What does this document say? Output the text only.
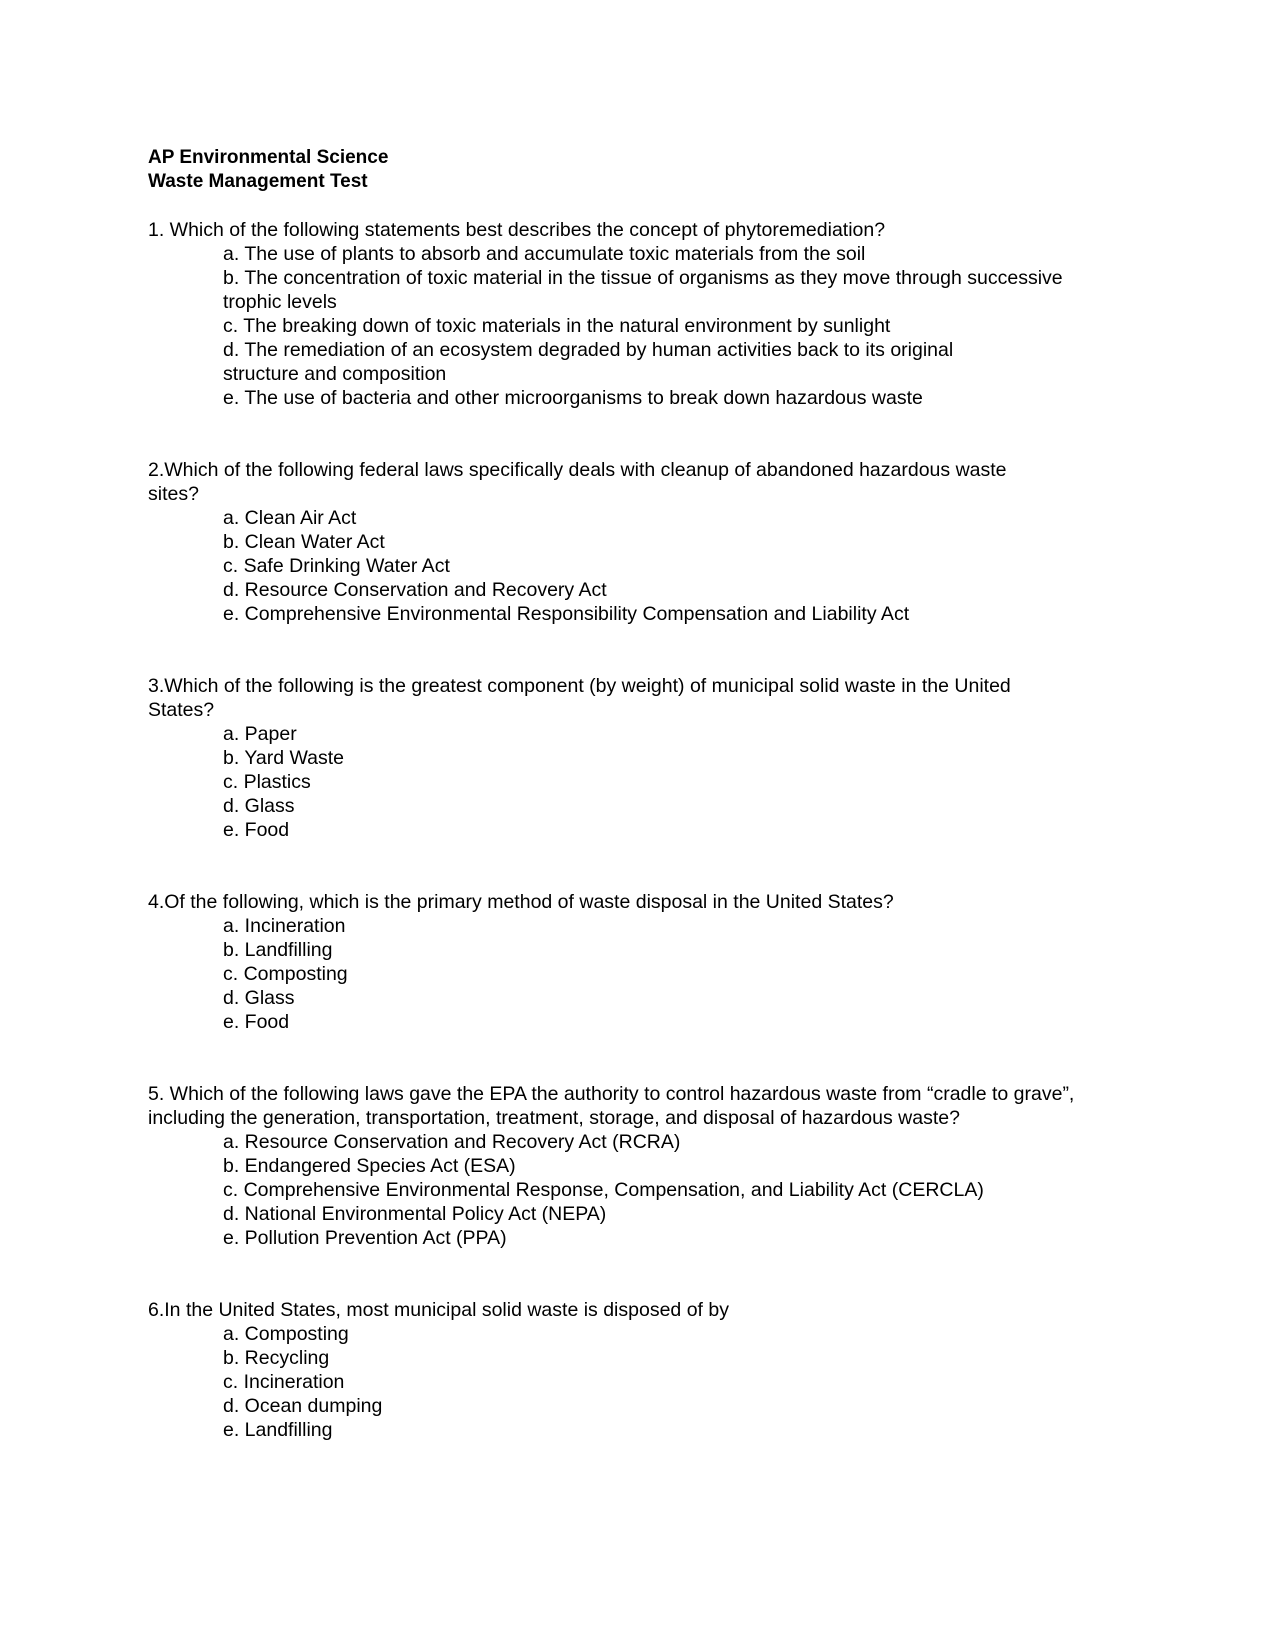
AP Environmental Science

Waste Management Test

1. Which of the following statements best describes the concept of phytoremediation?

a. The use of plants to absorb and accumulate toxic materials from the soil
b. The concentration of toxic material in the tissue of organisms as they move through successive trophic levels
c. The breaking down of toxic materials in the natural environment by sunlight
d. The remediation of an ecosystem degraded by human activities back to its original structure and composition
e. The use of bacteria and other microorganisms to break down hazardous waste

2.Which of the following federal laws specifically deals with cleanup of abandoned hazardous waste sites?

a. Clean Air Act
b. Clean Water Act
c. Safe Drinking Water Act
d. Resource Conservation and Recovery Act
e. Comprehensive Environmental Responsibility Compensation and Liability Act

3.Which of the following is the greatest component (by weight) of municipal solid waste in the United States?

a. Paper
b. Yard Waste
c. Plastics
d. Glass
e. Food

4.Of the following, which is the primary method of waste disposal in the United States?

a. Incineration
b. Landfilling
c. Composting
d. Glass
e. Food

5. Which of the following laws gave the EPA the authority to control hazardous waste from “cradle to grave”, including the generation, transportation, treatment, storage, and disposal of hazardous waste?

a. Resource Conservation and Recovery Act (RCRA)
b. Endangered Species Act (ESA)
c. Comprehensive Environmental Response, Compensation, and Liability Act (CERCLA)
d. National Environmental Policy Act (NEPA)
e. Pollution Prevention Act (PPA)

6.In the United States, most municipal solid waste is disposed of by

a. Composting
b. Recycling
c. Incineration
d. Ocean dumping
e. Landfilling
